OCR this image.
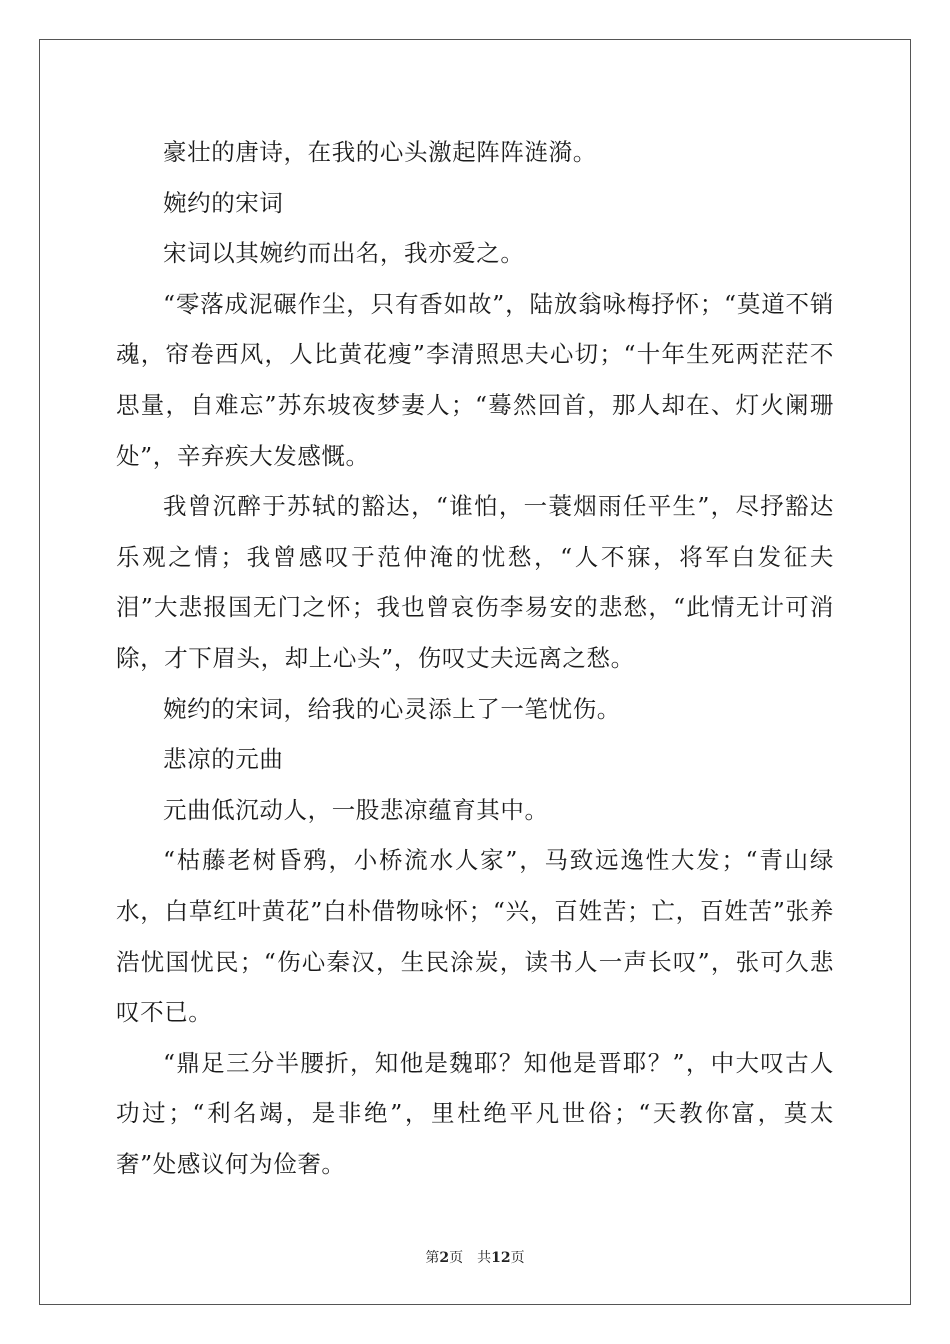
豪壮的唐诗，在我的心头激起阵阵涟漪。

婉约的宋词

宋词以其婉约而出名，我亦爱之。

“零落成泥碾作尘，只有香如故”，陆放翁咏梅抒怀；“莫道不销魂，帘卷西风，人比黄花瘦”李清照思夫心切；“十年生死两茫茫不思量，自难忘”苏东坡夜梦妻人；“蓦然回首，那人却在、灯火阑珊处”，辛弃疾大发感慨。

我曾沉醉于苏轼的豁达，“谁怕，一蓑烟雨任平生”，尽抒豁达乐观之情；我曾感叹于范仲淹的忧愁，“人不寐，将军白发征夫泪”大悲报国无门之怀；我也曾哀伤李易安的悲愁，“此情无计可消除，才下眉头，却上心头”，伤叹丈夫远离之愁。

婉约的宋词，给我的心灵添上了一笔忧伤。

悲凉的元曲

元曲低沉动人，一股悲凉蕴育其中。

“枯藤老树昏鸦，小桥流水人家”，马致远逸性大发；“青山绿水，白草红叶黄花”白朴借物咏怀；“兴，百姓苦；亡，百姓苦”张养浩忧国忧民；“伤心秦汉，生民涂炭，读书人一声长叹”，张可久悲叹不已。

“鼎足三分半腰折，知他是魏耶？知他是晋耶？”，中大叹古人功过；“利名竭，是非绝”，里杜绝平凡世俗；“天教你富，莫太奢”处感议何为俭奢。

第2页 共12页
